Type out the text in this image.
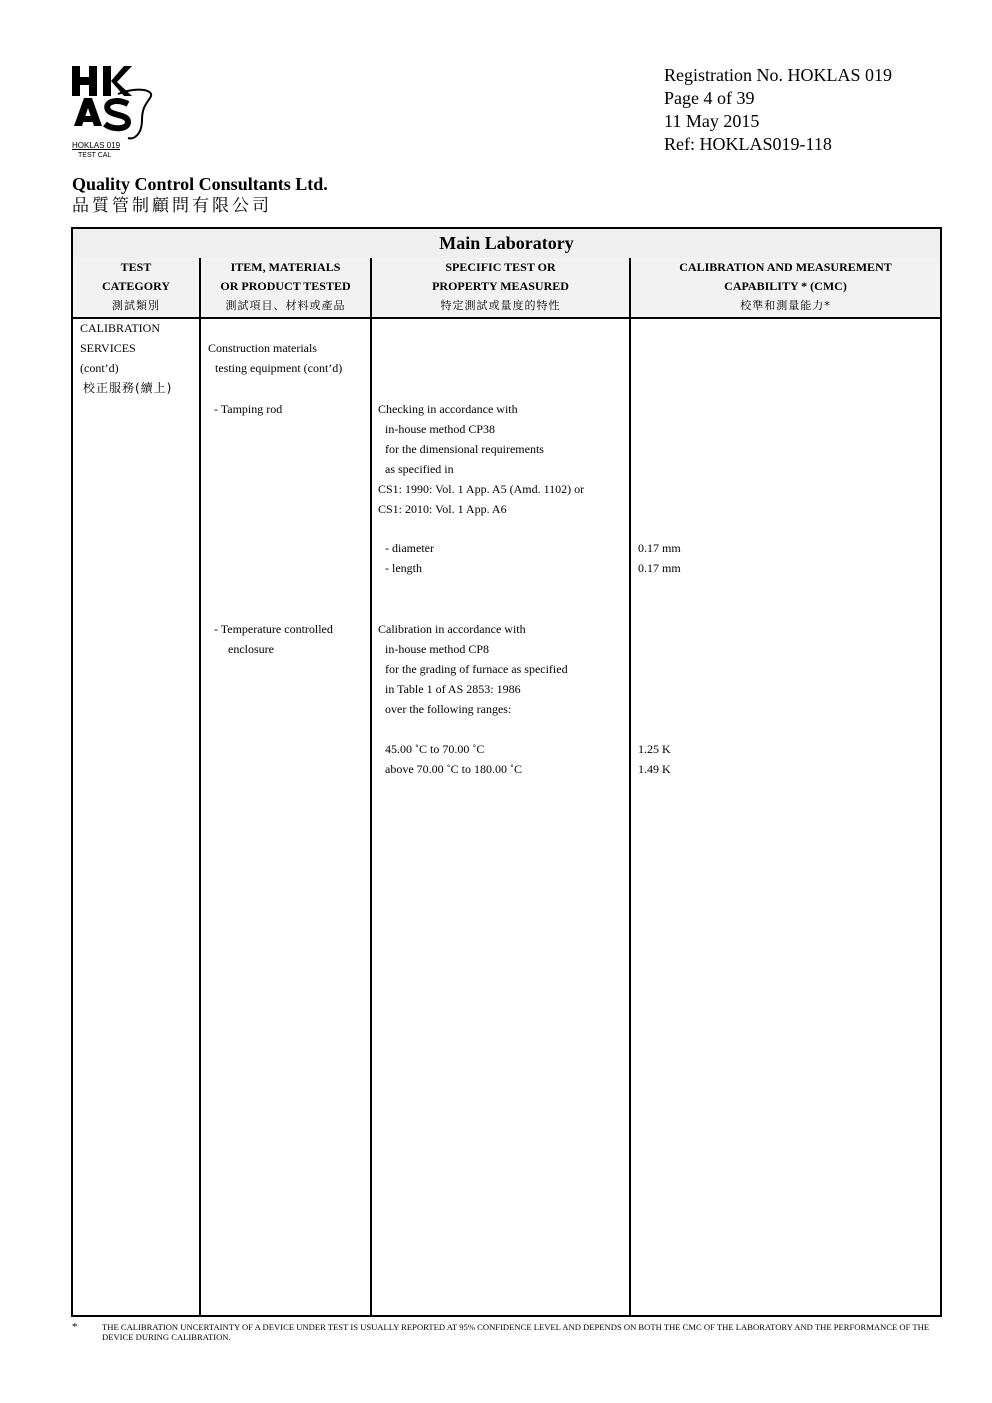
HOKLAS 019
TEST CAL
Registration No. HOKLAS 019
Page 4 of 39
11 May 2015
Ref: HOKLAS019-118
Quality Control Consultants Ltd.
品質管制顧問有限公司
Main Laboratory
TEST
CATEGORY
測試類別
ITEM, MATERIALS
OR PRODUCT TESTED
測試項目、材料或產品
SPECIFIC TEST OR
PROPERTY MEASURED
特定測試或量度的特性
CALIBRATION AND MEASUREMENT
CAPABILITY * (CMC)
校準和測量能力*
CALIBRATION
SERVICES
(cont’d)
校正服務(續上)
Construction materials
testing equipment (cont’d)
- Tamping rod
- Temperature controlled
enclosure
Checking in accordance with
in-house method CP38
for the dimensional requirements
as specified in
CS1: 1990: Vol. 1 App. A5 (Amd. 1102) or
CS1: 2010: Vol. 1 App. A6
- diameter
- length
Calibration in accordance with
in-house method CP8
for the grading of furnace as specified
in Table 1 of AS 2853: 1986
over the following ranges:
45.00 ˚C to 70.00 ˚C
above 70.00 ˚C to 180.00 ˚C
0.17 mm
0.17 mm
1.25 K
1.49 K
*	THE CALIBRATION UNCERTAINTY OF A DEVICE UNDER TEST IS USUALLY REPORTED AT 95% CONFIDENCE LEVEL AND DEPENDS ON BOTH THE CMC OF THE LABORATORY AND THE PERFORMANCE OF THE DEVICE DURING CALIBRATION.
